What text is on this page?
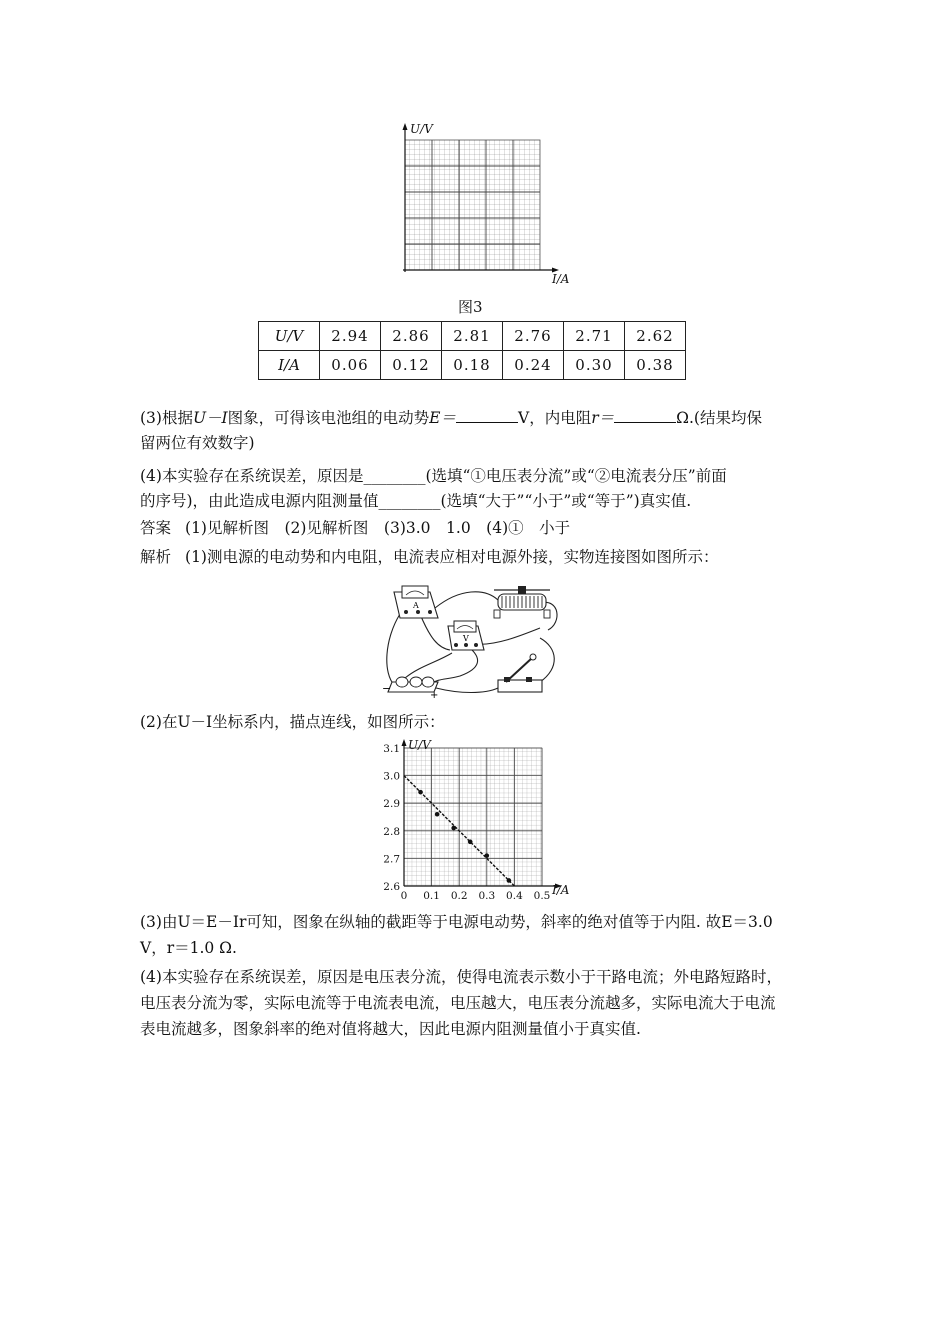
U/V
I/A
图3
U/V	2.94	2.86	2.81	2.76	2.71	2.62
I/A	0.06	0.12	0.18	0.24	0.30	0.38
(3)根据U－I图象，可得该电池组的电动势E＝	V，内电阻r＝	Ω.(结果均保
留两位有效数字)
(4)本实验存在系统误差，原因是________(选填“①电压表分流”或“②电流表分压”前面
的序号)，由此造成电源内阻测量值________(选填“大于”“小于”或“等于”)真实值.
答案 (1)见解析图　(2)见解析图　(3)3.0　1.0　(4)①　小于
解析 (1)测电源的电动势和内电阻，电流表应相对电源外接，实物连接图如图所示：
A
V
−
+
(2)在U－I坐标系内，描点连线，如图所示：
0 0.1 0.2 0.3 0.4 0.5
2.6
2.7
2.8
2.9
3.0
3.1 U/V
I/A
(3)由U＝E－Ir可知，图象在纵轴的截距等于电源电动势，斜率的绝对值等于内阻. 故E＝3.0
V，r＝1.0 Ω.
(4)本实验存在系统误差，原因是电压表分流，使得电流表示数小于干路电流；外电路短路时，
电压表分流为零，实际电流等于电流表电流，电压越大，电压表分流越多，实际电流大于电流
表电流越多，图象斜率的绝对值将越大，因此电源内阻测量值小于真实值.
